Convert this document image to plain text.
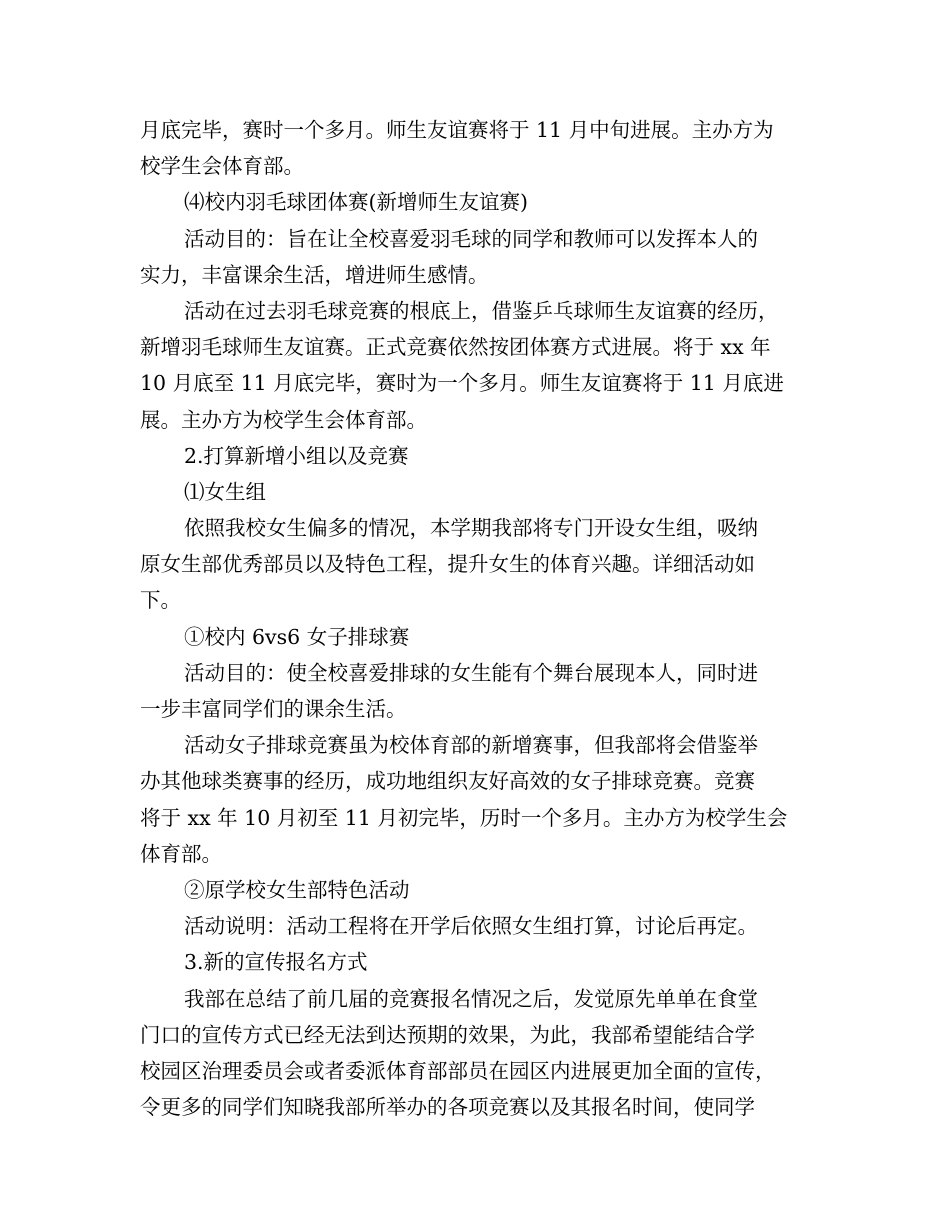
月底完毕，赛时一个多月。师生友谊赛将于 11 月中旬进展。主办方为
校学生会体育部。
⑷校内羽毛球团体赛(新增师生友谊赛)
活动目的：旨在让全校喜爱羽毛球的同学和教师可以发挥本人的
实力，丰富课余生活，增进师生感情。
活动在过去羽毛球竞赛的根底上，借鉴乒乓球师生友谊赛的经历，
新增羽毛球师生友谊赛。正式竞赛依然按团体赛方式进展。将于 xx 年
10 月底至 11 月底完毕，赛时为一个多月。师生友谊赛将于 11 月底进
展。主办方为校学生会体育部。
2.打算新增小组以及竞赛
⑴女生组
依照我校女生偏多的情况，本学期我部将专门开设女生组，吸纳
原女生部优秀部员以及特色工程，提升女生的体育兴趣。详细活动如
下。
①校内 6vs6 女子排球赛
活动目的：使全校喜爱排球的女生能有个舞台展现本人，同时进
一步丰富同学们的课余生活。
活动女子排球竞赛虽为校体育部的新增赛事，但我部将会借鉴举
办其他球类赛事的经历，成功地组织友好高效的女子排球竞赛。竞赛
将于 xx 年 10 月初至 11 月初完毕，历时一个多月。主办方为校学生会
体育部。
②原学校女生部特色活动
活动说明：活动工程将在开学后依照女生组打算，讨论后再定。
3.新的宣传报名方式
我部在总结了前几届的竞赛报名情况之后，发觉原先单单在食堂
门口的宣传方式已经无法到达预期的效果，为此，我部希望能结合学
校园区治理委员会或者委派体育部部员在园区内进展更加全面的宣传，
令更多的同学们知晓我部所举办的各项竞赛以及其报名时间，使同学
